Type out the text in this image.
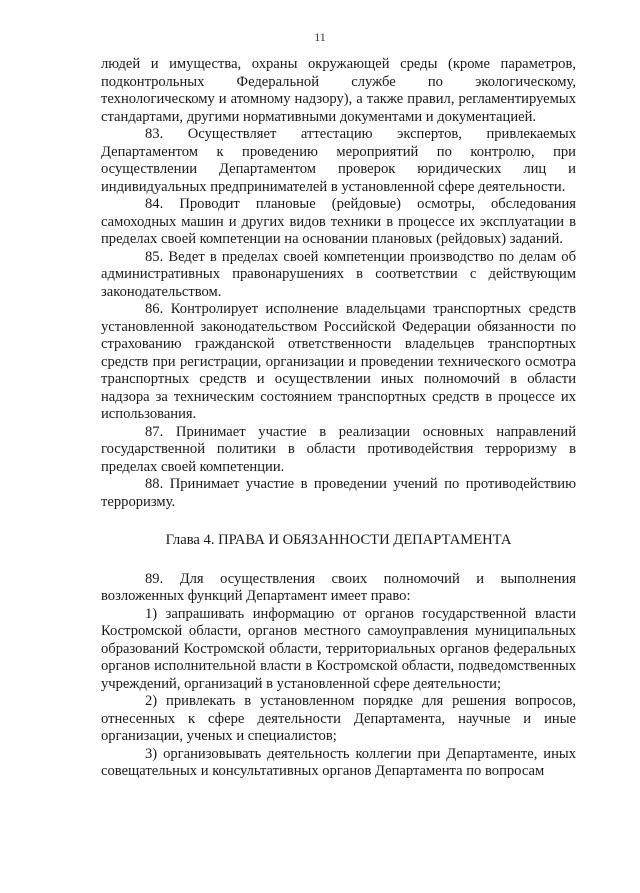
11

людей и имущества, охраны окружающей среды (кроме параметров, подконтрольных Федеральной службе по экологическому, технологическому и атомному надзору), а также правил, регламентируемых стандартами, другими нормативными документами и документацией.

83. Осуществляет аттестацию экспертов, привлекаемых Департаментом к проведению мероприятий по контролю, при осуществлении Департаментом проверок юридических лиц и индивидуальных предпринимателей в установленной сфере деятельности.

84. Проводит плановые (рейдовые) осмотры, обследования самоходных машин и других видов техники в процессе их эксплуатации в пределах своей компетенции на основании плановых (рейдовых) заданий.

85. Ведет в пределах своей компетенции производство по делам об административных правонарушениях в соответствии с действующим законодательством.

86. Контролирует исполнение владельцами транспортных средств установленной законодательством Российской Федерации обязанности по страхованию гражданской ответственности владельцев транспортных средств при регистрации, организации и проведении технического осмотра транспортных средств и осуществлении иных полномочий в области надзора за техническим состоянием транспортных средств в процессе их использования.

87. Принимает участие в реализации основных направлений государственной политики в области противодействия терроризму в пределах своей компетенции.

88. Принимает участие в проведении учений по противодействию терроризму.

Глава 4. ПРАВА И ОБЯЗАННОСТИ ДЕПАРТАМЕНТА

89. Для осуществления своих полномочий и выполнения возложенных функций Департамент имеет право:

1) запрашивать информацию от органов государственной власти Костромской области, органов местного самоуправления муниципальных образований Костромской области, территориальных органов федеральных органов исполнительной власти в Костромской области, подведомственных учреждений, организаций в установленной сфере деятельности;

2) привлекать в установленном порядке для решения вопросов, отнесенных к сфере деятельности Департамента, научные и иные организации, ученых и специалистов;

3) организовывать деятельность коллегии при Департаменте, иных совещательных и консультативных органов Департамента по вопросам
